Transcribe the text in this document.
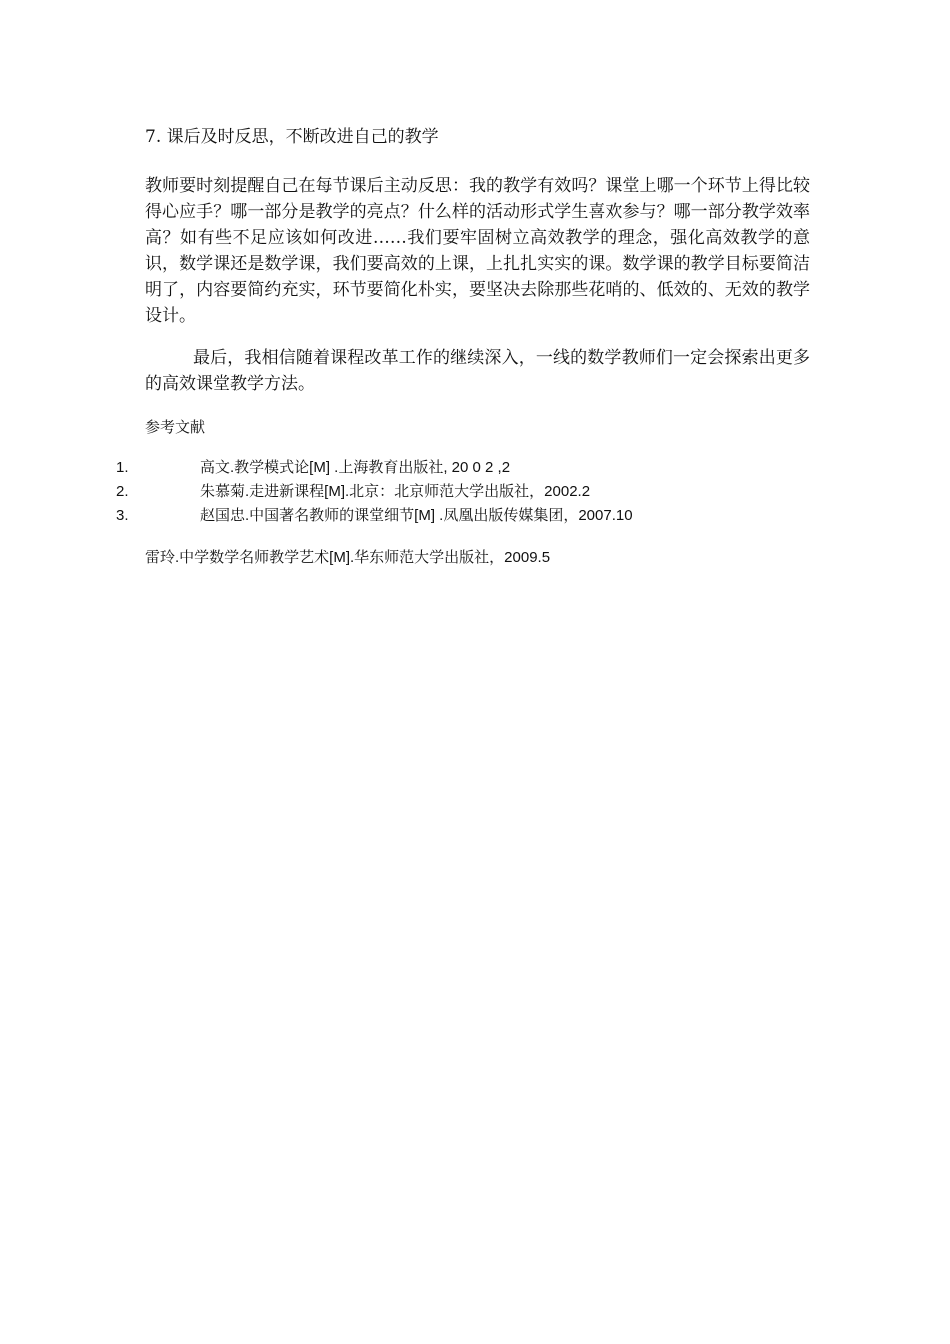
7. 课后及时反思，不断改进自己的教学

教师要时刻提醒自己在每节课后主动反思：我的教学有效吗？课堂上哪一个环节上得比较得心应手？哪一部分是教学的亮点？什么样的活动形式学生喜欢参与？哪一部分教学效率高？如有些不足应该如何改进……我们要牢固树立高效教学的理念，强化高效教学的意识，数学课还是数学课，我们要高效的上课，上扎扎实实的课。数学课的教学目标要简洁明了，内容要简约充实，环节要简化朴实，要坚决去除那些花哨的、低效的、无效的教学设计。

最后，我相信随着课程改革工作的继续深入，一线的数学教师们一定会探索出更多的高效课堂教学方法。

参考文献
1.	高文.教学模式论[M] .上海教育出版社, 20 0 2 ,2
2.	朱慕菊.走进新课程[M].北京：北京师范大学出版社，2002.2
3.	赵国忠.中国著名教师的课堂细节[M] .凤凰出版传媒集团，2007.10
雷玲.中学数学名师教学艺术[M].华东师范大学出版社，2009.5
